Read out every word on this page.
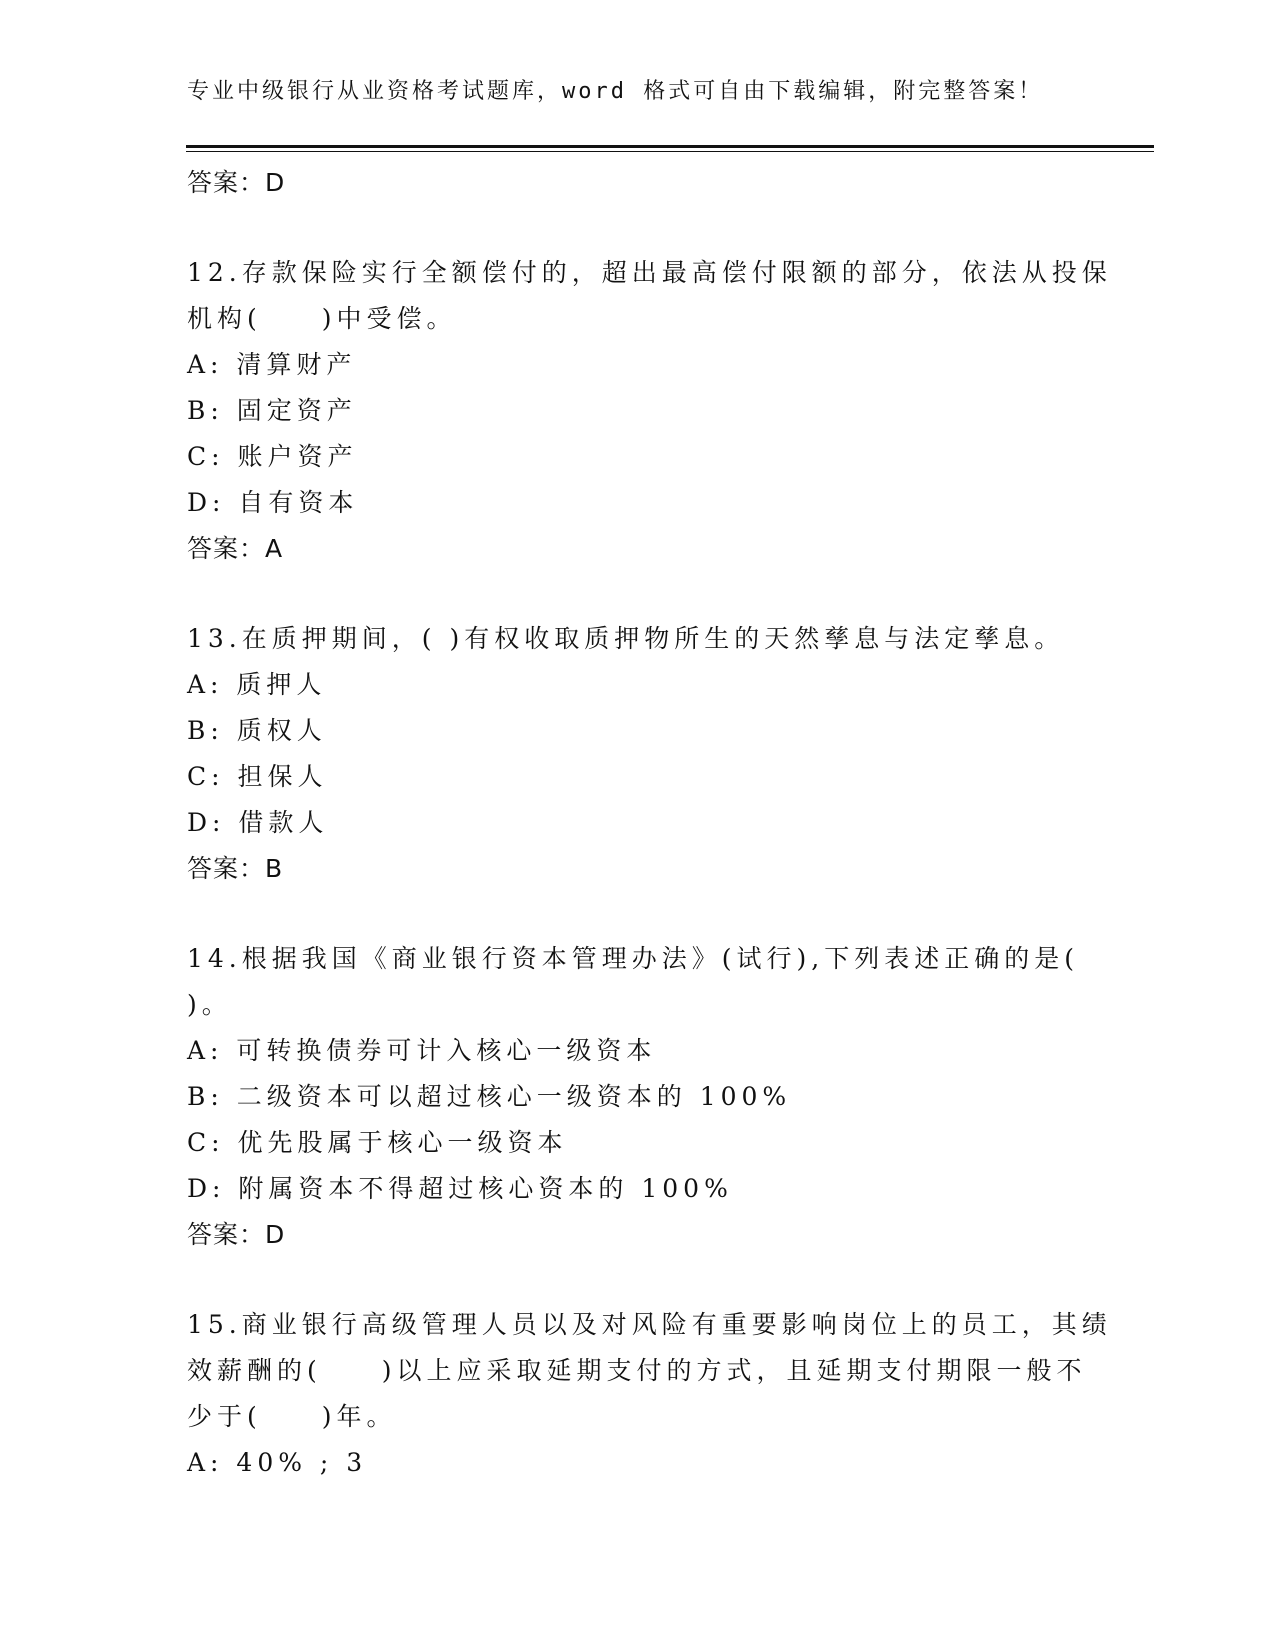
专业中级银行从业资格考试题库，word 格式可自由下载编辑，附完整答案！
答案：D
12.存款保险实行全额偿付的，超出最高偿付限额的部分，依法从投保
机构(　　)中受偿。
A: 清算财产
B: 固定资产
C: 账户资产
D: 自有资本
答案：A
13.在质押期间，( )有权收取质押物所生的天然孳息与法定孳息。
A: 质押人
B: 质权人
C: 担保人
D: 借款人
答案：B
14.根据我国《商业银行资本管理办法》(试行),下列表述正确的是(
)。
A: 可转换债券可计入核心一级资本
B: 二级资本可以超过核心一级资本的 100%
C: 优先股属于核心一级资本
D: 附属资本不得超过核心资本的 100%
答案：D
15.商业银行高级管理人员以及对风险有重要影响岗位上的员工，其绩
效薪酬的(　　)以上应采取延期支付的方式，且延期支付期限一般不
少于(　　)年。
A: 40% ; 3
